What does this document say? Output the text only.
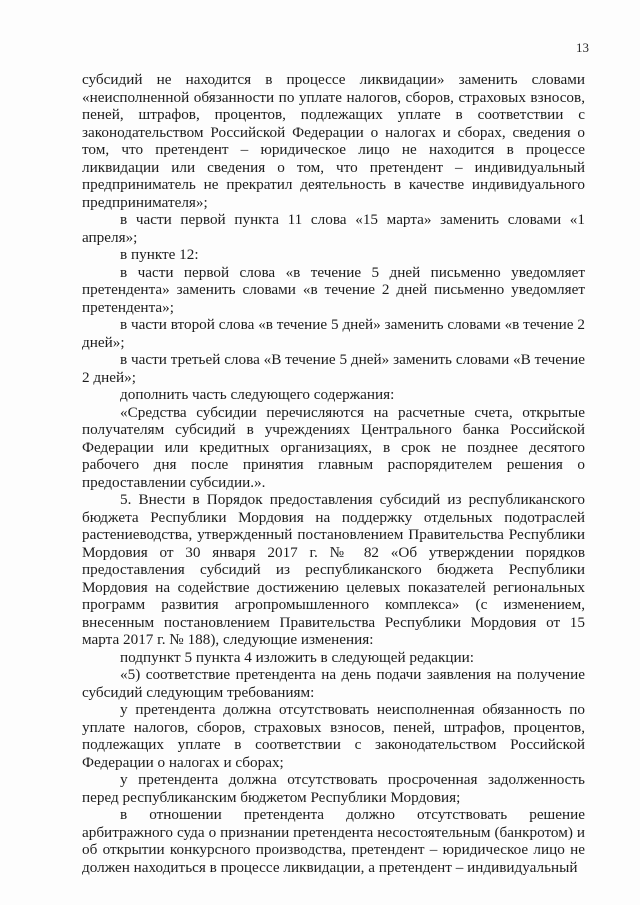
13

субсидий не находится в процессе ликвидации» заменить словами «неисполненной обязанности по уплате налогов, сборов, страховых взносов, пеней, штрафов, процентов, подлежащих уплате в соответствии с законодательством Российской Федерации о налогах и сборах, сведения о том, что претендент – юридическое лицо не находится в процессе ликвидации или сведения о том, что претендент – индивидуальный предприниматель не прекратил деятельность в качестве индивидуального предпринимателя»;

в части первой пункта 11 слова «15 марта» заменить словами «1 апреля»;

в пункте 12:

в части первой слова «в течение 5 дней письменно уведомляет претендента» заменить словами «в течение 2 дней письменно уведомляет претендента»;

в части второй слова «в течение 5 дней» заменить словами «в течение 2 дней»;

в части третьей слова «В течение 5 дней» заменить словами «В течение 2 дней»;

дополнить часть следующего содержания:

«Средства субсидии перечисляются на расчетные счета, открытые получателям субсидий в учреждениях Центрального банка Российской Федерации или кредитных организациях, в срок не позднее десятого рабочего дня после принятия главным распорядителем решения о предоставлении субсидии.».

5. Внести в Порядок предоставления субсидий из республиканского бюджета Республики Мордовия на поддержку отдельных подотраслей растениеводства, утвержденный постановлением Правительства Республики Мордовия от 30 января 2017 г. № 82 «Об утверждении порядков предоставления субсидий из республиканского бюджета Республики Мордовия на содействие достижению целевых показателей региональных программ развития агропромышленного комплекса» (с изменением, внесенным постановлением Правительства Республики Мордовия от 15 марта 2017 г. № 188), следующие изменения:

подпункт 5 пункта 4 изложить в следующей редакции:

«5) соответствие претендента на день подачи заявления на получение субсидий следующим требованиям:

у претендента должна отсутствовать неисполненная обязанность по уплате налогов, сборов, страховых взносов, пеней, штрафов, процентов, подлежащих уплате в соответствии с законодательством Российской Федерации о налогах и сборах;

у претендента должна отсутствовать просроченная задолженность перед республиканским бюджетом Республики Мордовия;

в отношении претендента должно отсутствовать решение арбитражного суда о признании претендента несостоятельным (банкротом) и об открытии конкурсного производства, претендент – юридическое лицо не должен находиться в процессе ликвидации, а претендент – индивидуальный
